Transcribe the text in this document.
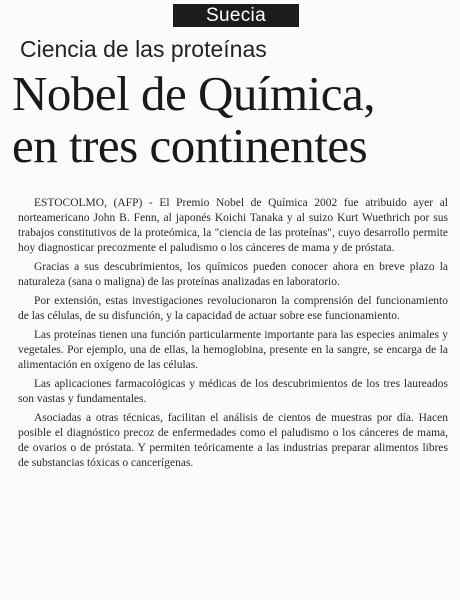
Suecia
Ciencia de las proteínas
Nobel de Química,
en tres continentes

ESTOCOLMO, (AFP) - El Premio Nobel de Química 2002 fue atribuido ayer al norteamericano John B. Fenn, al japonés Koichi Tanaka y al suizo Kurt Wuethrich por sus trabajos constitutivos de la proteómica, la "ciencia de las proteínas", cuyo desarrollo permite hoy diagnosticar precozmente el paludismo o los cánceres de mama y de próstata.

Gracias a sus descubrimientos, los químicos pueden conocer ahora en breve plazo la naturaleza (sana o maligna) de las proteínas analizadas en laboratorio.

Por extensión, estas investigaciones revolucionaron la comprensión del funcionamiento de las células, de su disfunción, y la capacidad de actuar sobre ese funcionamiento.

Las proteínas tienen una función particularmente importante para las especies animales y vegetales. Por ejemplo, una de ellas, la hemoglobina, presente en la sangre, se encarga de la alimentación en oxígeno de las células.

Las aplicaciones farmacológicas y médicas de los descubrimientos de los tres laureados son vastas y fundamentales.

Asociadas a otras técnicas, facilitan el análisis de cientos de muestras por día. Hacen posible el diagnóstico precoz de enfermedades como el paludismo o los cánceres de mama, de ovarios o de próstata. Y permiten teóricamente a las industrias preparar alimentos libres de substancias tóxicas o cancerígenas.
